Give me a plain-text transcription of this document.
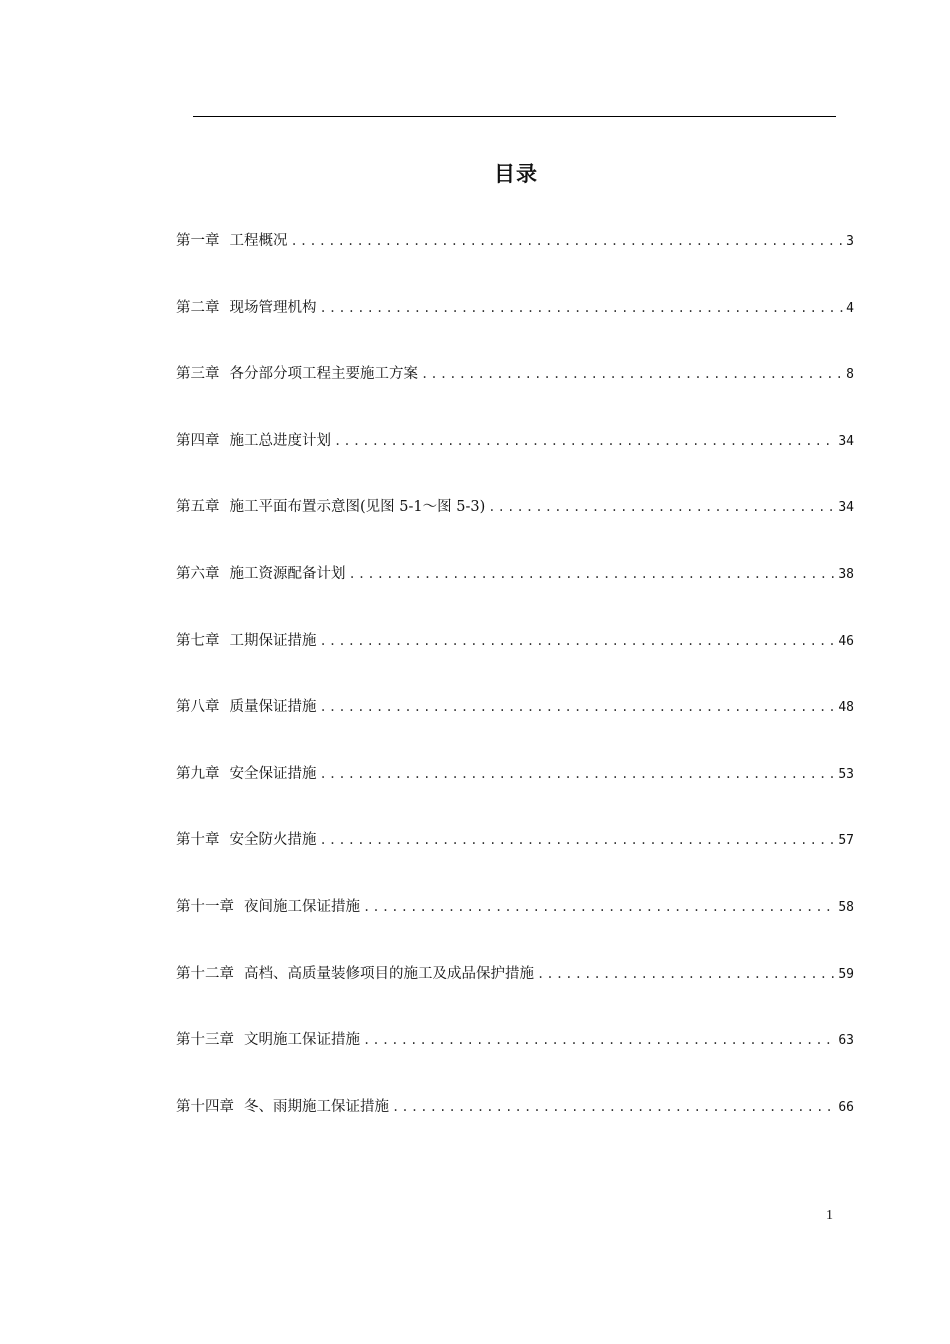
目录
第一章 工程概况 .....	3
第二章 现场管理机构 .....	4
第三章 各分部分项工程主要施工方案 .....	8
第四章 施工总进度计划 .....	34
第五章 施工平面布置示意图(见图 5-1～图 5-3) .....	34
第六章 施工资源配备计划 .....	38
第七章 工期保证措施 .....	46
第八章 质量保证措施 .....	48
第九章 安全保证措施 .....	53
第十章 安全防火措施 .....	57
第十一章 夜间施工保证措施 .....	58
第十二章 高档、高质量装修项目的施工及成品保护措施 .....	59
第十三章 文明施工保证措施 .....	63
第十四章 冬、雨期施工保证措施 .....	66
1
